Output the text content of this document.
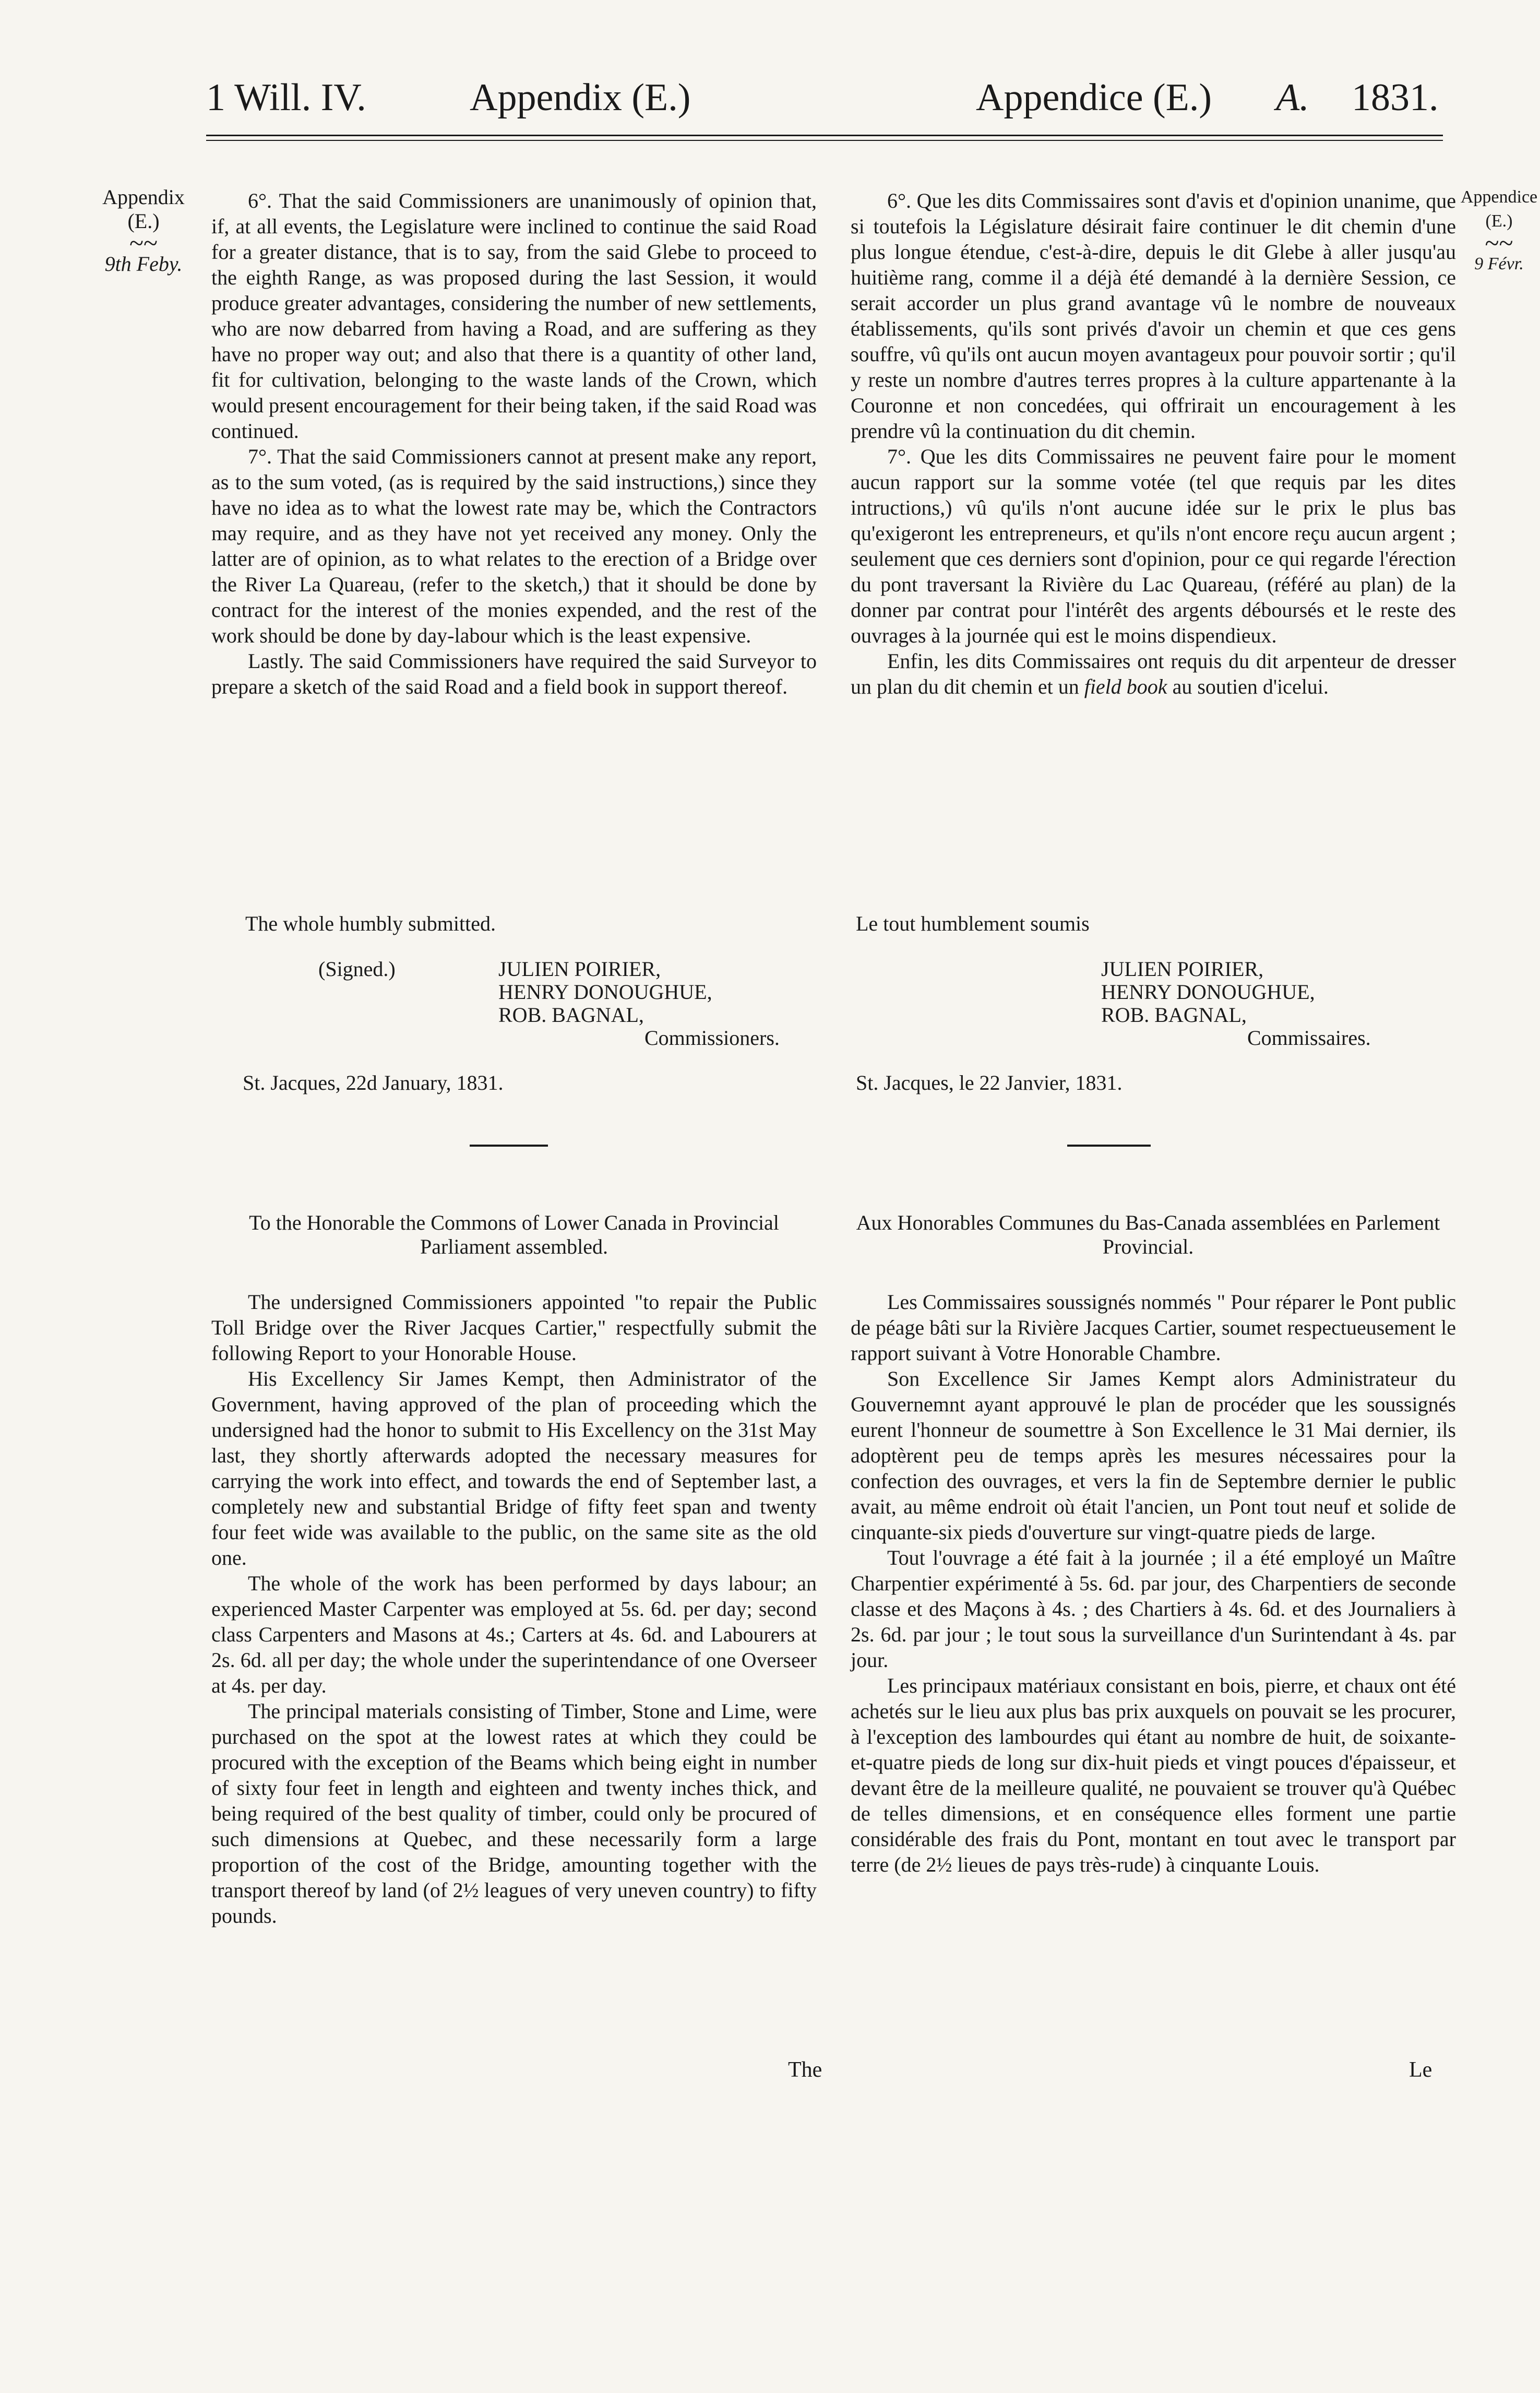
1 Will. IV.	Appendix (E.)	Appendice (E.) A. 1831.
Appendix
(E.)
~~
9th Feby.
Appendice
(E.)
~~
9 Févr.

6°. That the said Commissioners are unanimously of opinion that, if, at all events, the Legislature were inclined to continue the said Road for a greater distance, that is to say, from the said Glebe to proceed to the eighth Range, as was proposed during the last Session, it would produce greater advantages, considering the number of new settlements, who are now debarred from having a Road, and are suffering as they have no proper way out; and also that there is a quantity of other land, fit for cultivation, belonging to the waste lands of the Crown, which would present encouragement for their being taken, if the said Road was continued.

7°. That the said Commissioners cannot at present make any report, as to the sum voted, (as is required by the said instructions,) since they have no idea as to what the lowest rate may be, which the Contractors may require, and as they have not yet received any money. Only the latter are of opinion, as to what relates to the erection of a Bridge over the River La Quareau, (refer to the sketch,) that it should be done by contract for the interest of the monies expended, and the rest of the work should be done by day-labour which is the least expensive.

Lastly. The said Commissioners have required the said Surveyor to prepare a sketch of the said Road and a field book in support thereof.

6°. Que les dits Commissaires sont d'avis et d'opinion unanime, que si toutefois la Législature désirait faire continuer le dit chemin d'une plus longue étendue, c'est-à-dire, depuis le dit Glebe à aller jusqu'au huitième rang, comme il a déjà été demandé à la dernière Session, ce serait accorder un plus grand avantage vû le nombre de nouveaux établissements, qu'ils sont privés d'avoir un chemin et que ces gens souffre, vû qu'ils ont aucun moyen avantageux pour pouvoir sortir ; qu'il y reste un nombre d'autres terres propres à la culture appartenante à la Couronne et non concedées, qui offrirait un encouragement à les prendre vû la continuation du dit chemin.

7°. Que les dits Commissaires ne peuvent faire pour le moment aucun rapport sur la somme votée (tel que requis par les dites intructions,) vû qu'ils n'ont aucune idée sur le prix le plus bas qu'exigeront les entrepreneurs, et qu'ils n'ont encore reçu aucun argent ; seulement que ces derniers sont d'opinion, pour ce qui regarde l'érection du pont traversant la Rivière du Lac Quareau, (référé au plan) de la donner par contrat pour l'intérêt des argents déboursés et le reste des ouvrages à la journée qui est le moins dispendieux.

Enfin, les dits Commissaires ont requis du dit arpenteur de dresser un plan du dit chemin et un field book au soutien d'icelui.

The whole humbly submitted.	Le tout humblement soumis
(Signed.)	JULIEN POIRIER,
HENRY DONOUGHUE,
ROB. BAGNAL,
Commissioners.
St. Jacques, 22d January, 1831.
JULIEN POIRIER,
HENRY DONOUGHUE,
ROB. BAGNAL,
Commissaires.
St. Jacques, le 22 Janvier, 1831.
To the Honorable the Commons of Lower Canada in Provincial Parliament assembled.
Aux Honorables Communes du Bas-Canada assemblées en Parlement Provincial.

The undersigned Commissioners appointed "to repair the Public Toll Bridge over the River Jacques Cartier," respectfully submit the following Report to your Honorable House.

His Excellency Sir James Kempt, then Administrator of the Government, having approved of the plan of proceeding which the undersigned had the honor to submit to His Excellency on the 31st May last, they shortly afterwards adopted the necessary measures for carrying the work into effect, and towards the end of September last, a completely new and substantial Bridge of fifty feet span and twenty four feet wide was available to the public, on the same site as the old one.

The whole of the work has been performed by days labour; an experienced Master Carpenter was employed at 5s. 6d. per day; second class Carpenters and Masons at 4s.; Carters at 4s. 6d. and Labourers at 2s. 6d. all per day; the whole under the superintendance of one Overseer at 4s. per day.

The principal materials consisting of Timber, Stone and Lime, were purchased on the spot at the lowest rates at which they could be procured with the exception of the Beams which being eight in number of sixty four feet in length and eighteen and twenty inches thick, and being required of the best quality of timber, could only be procured of such dimensions at Quebec, and these necessarily form a large proportion of the cost of the Bridge, amounting together with the transport thereof by land (of 2½ leagues of very uneven country) to fifty pounds.

Les Commissaires soussignés nommés " Pour réparer le Pont public de péage bâti sur la Rivière Jacques Cartier, soumet respectueusement le rapport suivant à Votre Honorable Chambre.

Son Excellence Sir James Kempt alors Administrateur du Gouvernemnt ayant approuvé le plan de procéder que les soussignés eurent l'honneur de soumettre à Son Excellence le 31 Mai dernier, ils adoptèrent peu de temps après les mesures nécessaires pour la confection des ouvrages, et vers la fin de Septembre dernier le public avait, au même endroit où était l'ancien, un Pont tout neuf et solide de cinquante-six pieds d'ouverture sur vingt-quatre pieds de large.

Tout l'ouvrage a été fait à la journée ; il a été employé un Maître Charpentier expérimenté à 5s. 6d. par jour, des Charpentiers de seconde classe et des Maçons à 4s. ; des Chartiers à 4s. 6d. et des Journaliers à 2s. 6d. par jour ; le tout sous la surveillance d'un Surintendant à 4s. par jour.

Les principaux matériaux consistant en bois, pierre, et chaux ont été achetés sur le lieu aux plus bas prix auxquels on pouvait se les procurer, à l'exception des lambourdes qui étant au nombre de huit, de soixante-et-quatre pieds de long sur dix-huit pieds et vingt pouces d'épaisseur, et devant être de la meilleure qualité, ne pouvaient se trouver qu'à Québec de telles dimensions, et en conséquence elles forment une partie considérable des frais du Pont, montant en tout avec le transport par terre (de 2½ lieues de pays très-rude) à cinquante Louis.

The	Le
